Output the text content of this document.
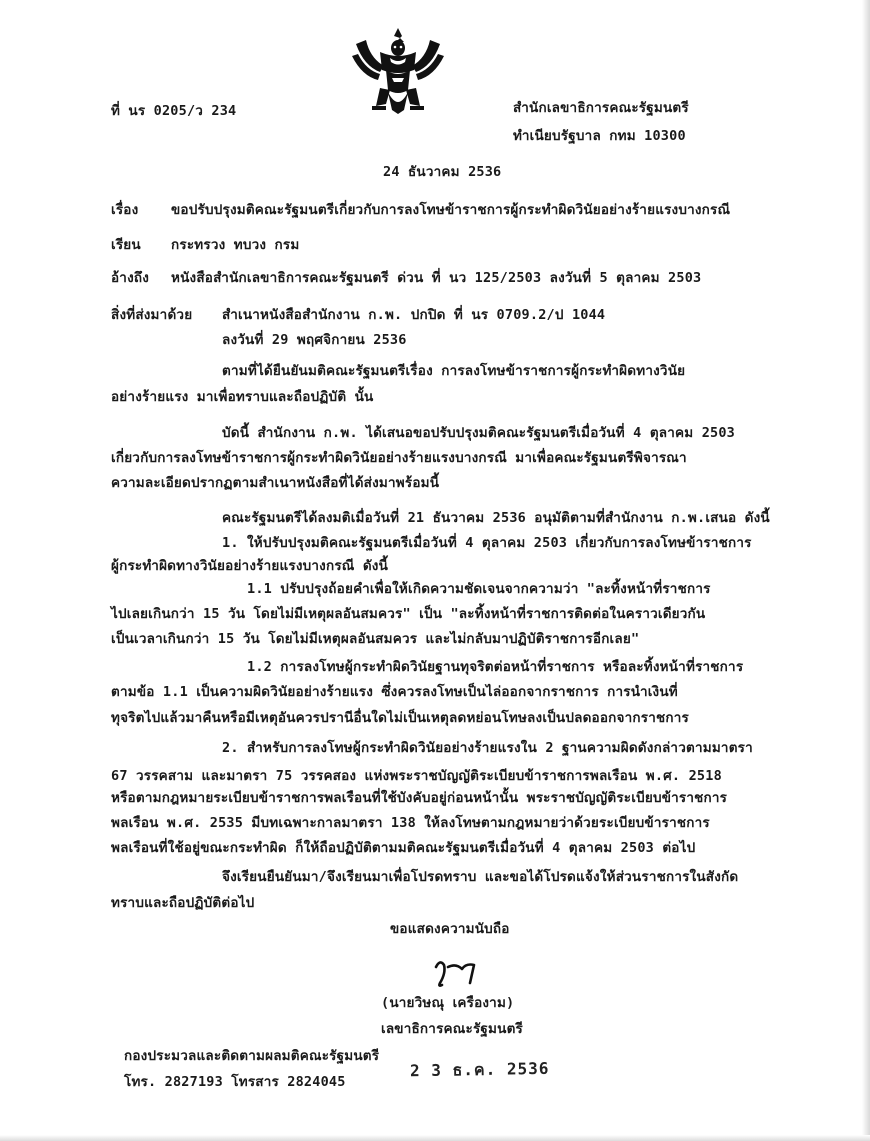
ที่ นร 0205/ว 234	สำนักเลขาธิการคณะรัฐมนตรี
ทำเนียบรัฐบาล กทม 10300
24 ธันวาคม 2536
เรื่อง ขอปรับปรุงมติคณะรัฐมนตรีเกี่ยวกับการลงโทษข้าราชการผู้กระทำผิดวินัยอย่างร้ายแรงบางกรณี
เรียน กระทรวง ทบวง กรม
อ้างถึง หนังสือสำนักเลขาธิการคณะรัฐมนตรี ด่วน ที่ นว 125/2503 ลงวันที่ 5 ตุลาคม 2503
สิ่งที่ส่งมาด้วย สำเนาหนังสือสำนักงาน ก.พ. ปกปิด ที่ นร 0709.2/ป 1044
ลงวันที่ 29 พฤศจิกายน 2536
ตามที่ได้ยืนยันมติคณะรัฐมนตรีเรื่อง การลงโทษข้าราชการผู้กระทำผิดทางวินัย
อย่างร้ายแรง มาเพื่อทราบและถือปฏิบัติ นั้น
บัดนี้ สำนักงาน ก.พ. ได้เสนอขอปรับปรุงมติคณะรัฐมนตรีเมื่อวันที่ 4 ตุลาคม 2503
เกี่ยวกับการลงโทษข้าราชการผู้กระทำผิดวินัยอย่างร้ายแรงบางกรณี มาเพื่อคณะรัฐมนตรีพิจารณา
ความละเอียดปรากฏตามสำเนาหนังสือที่ได้ส่งมาพร้อมนี้
คณะรัฐมนตรีได้ลงมติเมื่อวันที่ 21 ธันวาคม 2536 อนุมัติตามที่สำนักงาน ก.พ.เสนอ ดังนี้
1. ให้ปรับปรุงมติคณะรัฐมนตรีเมื่อวันที่ 4 ตุลาคม 2503 เกี่ยวกับการลงโทษข้าราชการ
ผู้กระทำผิดทางวินัยอย่างร้ายแรงบางกรณี ดังนี้
1.1 ปรับปรุงถ้อยคำเพื่อให้เกิดความชัดเจนจากความว่า "ละทิ้งหน้าที่ราชการ
ไปเลยเกินกว่า 15 วัน โดยไม่มีเหตุผลอันสมควร" เป็น "ละทิ้งหน้าที่ราชการติดต่อในคราวเดียวกัน
เป็นเวลาเกินกว่า 15 วัน โดยไม่มีเหตุผลอันสมควร และไม่กลับมาปฏิบัติราชการอีกเลย"
1.2 การลงโทษผู้กระทำผิดวินัยฐานทุจริตต่อหน้าที่ราชการ หรือละทิ้งหน้าที่ราชการ
ตามข้อ 1.1 เป็นความผิดวินัยอย่างร้ายแรง ซึ่งควรลงโทษเป็นไล่ออกจากราชการ การนำเงินที่
ทุจริตไปแล้วมาคืนหรือมีเหตุอันควรปรานีอื่นใดไม่เป็นเหตุลดหย่อนโทษลงเป็นปลดออกจากราชการ
2. สำหรับการลงโทษผู้กระทำผิดวินัยอย่างร้ายแรงใน 2 ฐานความผิดดังกล่าวตามมาตรา
67 วรรคสาม และมาตรา 75 วรรคสอง แห่งพระราชบัญญัติระเบียบข้าราชการพลเรือน พ.ศ. 2518
หรือตามกฎหมายระเบียบข้าราชการพลเรือนที่ใช้บังคับอยู่ก่อนหน้านั้น พระราชบัญญัติระเบียบข้าราชการ
พลเรือน พ.ศ. 2535 มีบทเฉพาะกาลมาตรา 138 ให้ลงโทษตามกฎหมายว่าด้วยระเบียบข้าราชการ
พลเรือนที่ใช้อยู่ขณะกระทำผิด ก็ให้ถือปฏิบัติตามมติคณะรัฐมนตรีเมื่อวันที่ 4 ตุลาคม 2503 ต่อไป
จึงเรียนยืนยันมา/จึงเรียนมาเพื่อโปรดทราบ และขอได้โปรดแจ้งให้ส่วนราชการในสังกัด
ทราบและถือปฏิบัติต่อไป
ขอแสดงความนับถือ
(นายวิษณุ เครืองาม)
เลขาธิการคณะรัฐมนตรี
กองประมวลและติดตามผลมติคณะรัฐมนตรี
โทร. 2827193 โทรสาร 2824045
2 3 ธ.ค. 2536
